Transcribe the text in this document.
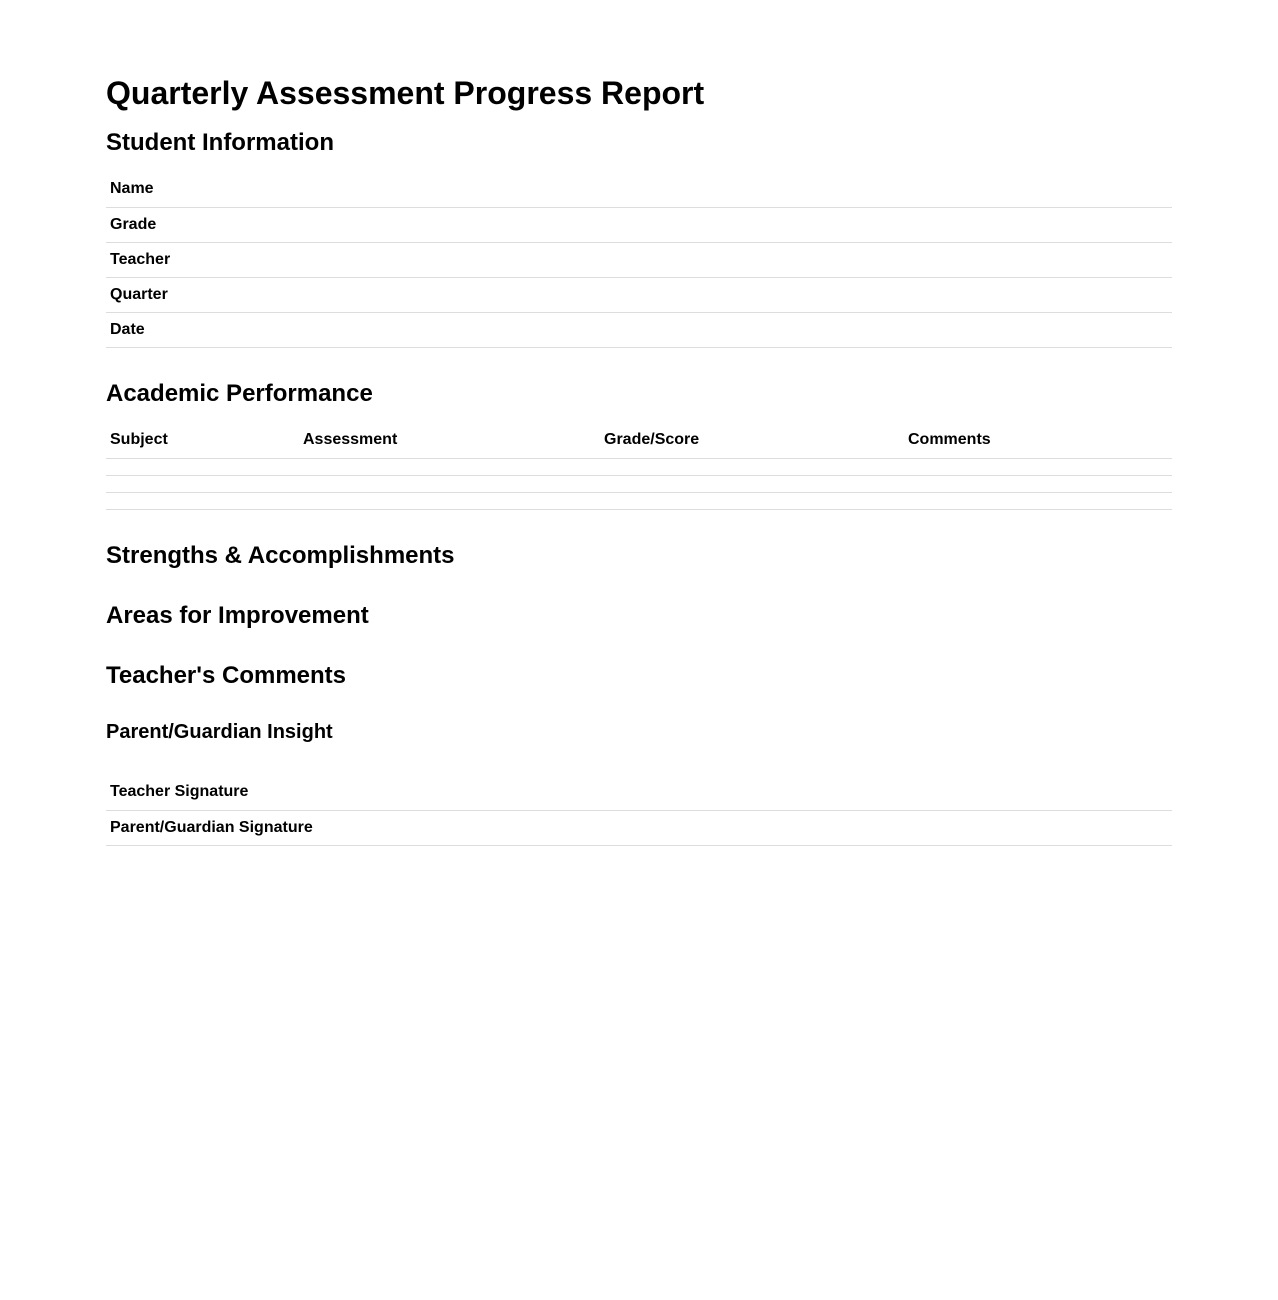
Quarterly Assessment Progress Report
Student Information
Name	
Grade	
Teacher	
Quarter	
Date	
Academic Performance
Subject	Assessment	Grade/Score	Comments

Strengths & Accomplishments
Areas for Improvement
Teacher's Comments
Parent/Guardian Insight
Teacher Signature	
Parent/Guardian Signature	
